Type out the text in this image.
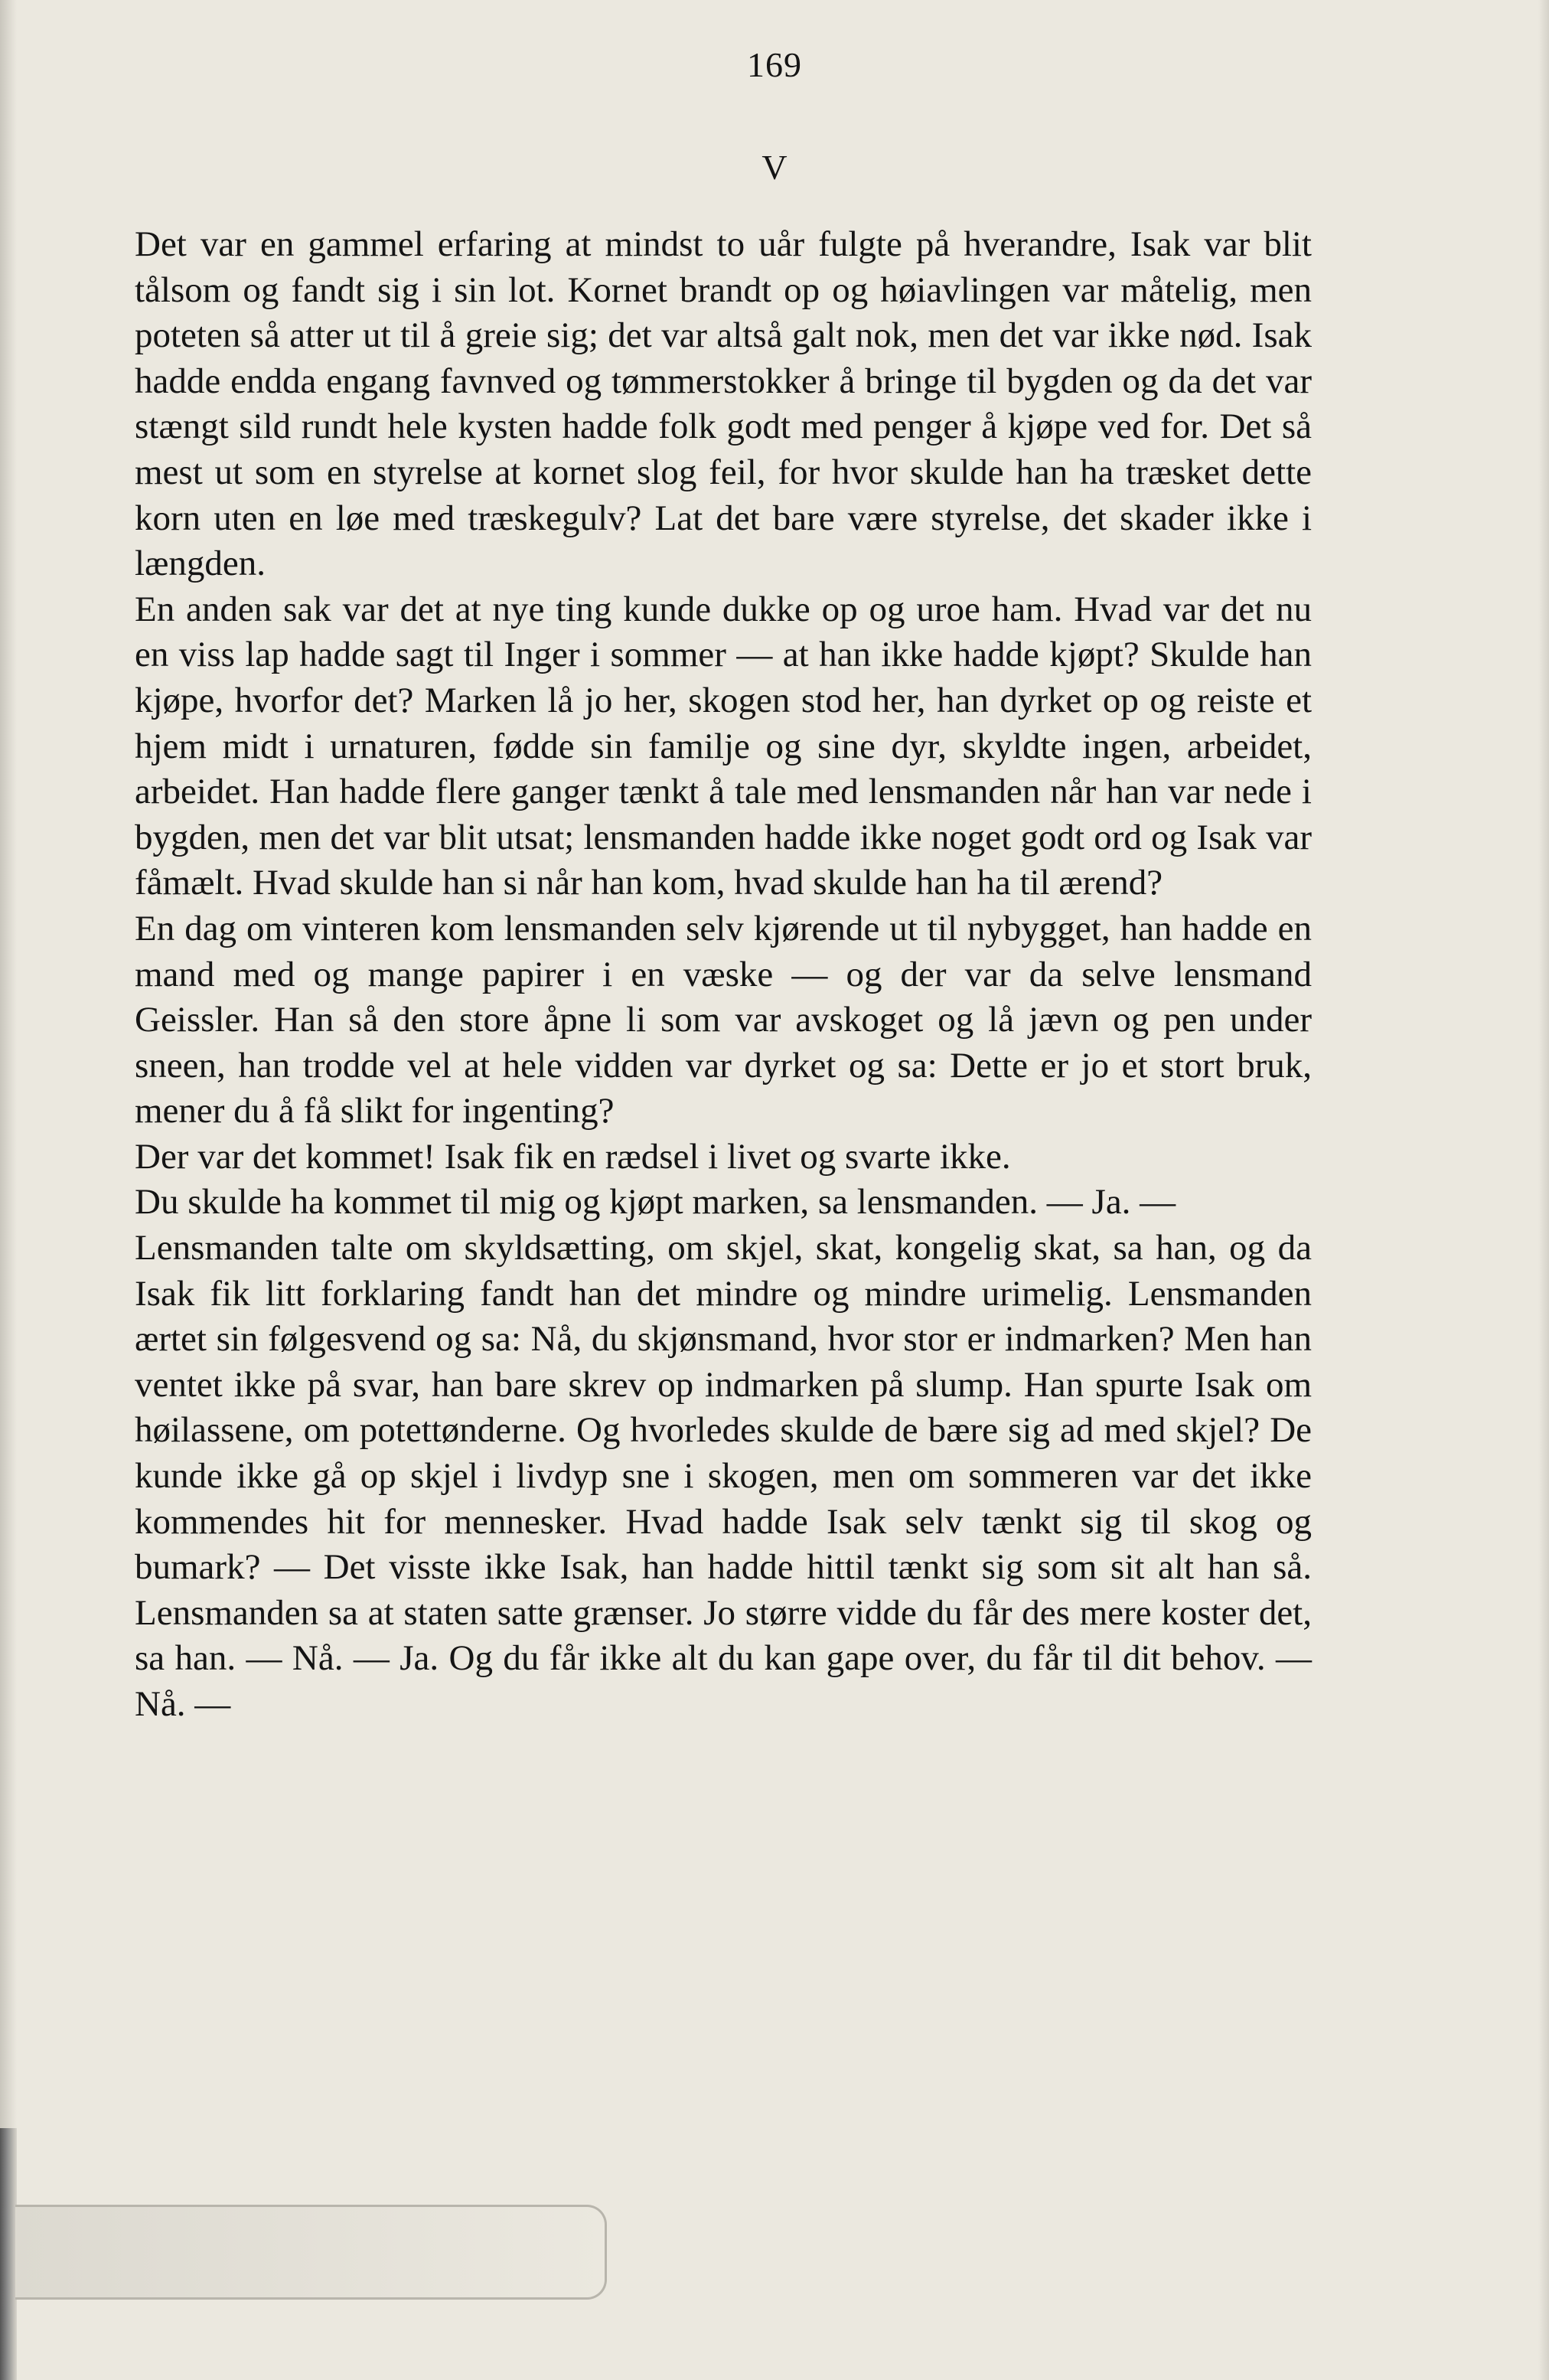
169
V

Det var en gammel erfaring at mindst to uår fulgte på hverandre, Isak var blit tålsom og fandt sig i sin lot. Kornet brandt op og høiavlingen var måtelig, men poteten så atter ut til å greie sig; det var altså galt nok, men det var ikke nød. Isak hadde endda engang favnved og tømmerstokker å bringe til bygden og da det var stængt sild rundt hele kysten hadde folk godt med penger å kjøpe ved for. Det så mest ut som en styrelse at kornet slog feil, for hvor skulde han ha træsket dette korn uten en løe med træskegulv? Lat det bare være styrelse, det skader ikke i længden.

En anden sak var det at nye ting kunde dukke op og uroe ham. Hvad var det nu en viss lap hadde sagt til Inger i sommer — at han ikke hadde kjøpt? Skulde han kjøpe, hvorfor det? Marken lå jo her, skogen stod her, han dyrket op og reiste et hjem midt i urnaturen, fødde sin familje og sine dyr, skyldte ingen, arbeidet, arbeidet. Han hadde flere ganger tænkt å tale med lensmanden når han var nede i bygden, men det var blit utsat; lensmanden hadde ikke noget godt ord og Isak var fåmælt. Hvad skulde han si når han kom, hvad skulde han ha til ærend?

En dag om vinteren kom lensmanden selv kjørende ut til nybygget, han hadde en mand med og mange papirer i en væske — og der var da selve lensmand Geissler. Han så den store åpne li som var avskoget og lå jævn og pen under sneen, han trodde vel at hele vidden var dyrket og sa: Dette er jo et stort bruk, mener du å få slikt for ingenting?

Der var det kommet! Isak fik en rædsel i livet og svarte ikke.

Du skulde ha kommet til mig og kjøpt marken, sa lensmanden. — Ja. —

Lensmanden talte om skyldsætting, om skjel, skat, kongelig skat, sa han, og da Isak fik litt forklaring fandt han det mindre og mindre urimelig. Lensmanden ærtet sin følgesvend og sa: Nå, du skjønsmand, hvor stor er indmarken? Men han ventet ikke på svar, han bare skrev op indmarken på slump. Han spurte Isak om høilassene, om potettønderne. Og hvorledes skulde de bære sig ad med skjel? De kunde ikke gå op skjel i livdyp sne i skogen, men om sommeren var det ikke kommendes hit for mennesker. Hvad hadde Isak selv tænkt sig til skog og bumark? — Det visste ikke Isak, han hadde hittil tænkt sig som sit alt han så. Lensmanden sa at staten satte grænser. Jo større vidde du får des mere koster det, sa han. — Nå. — Ja. Og du får ikke alt du kan gape over, du får til dit behov. — Nå. —
